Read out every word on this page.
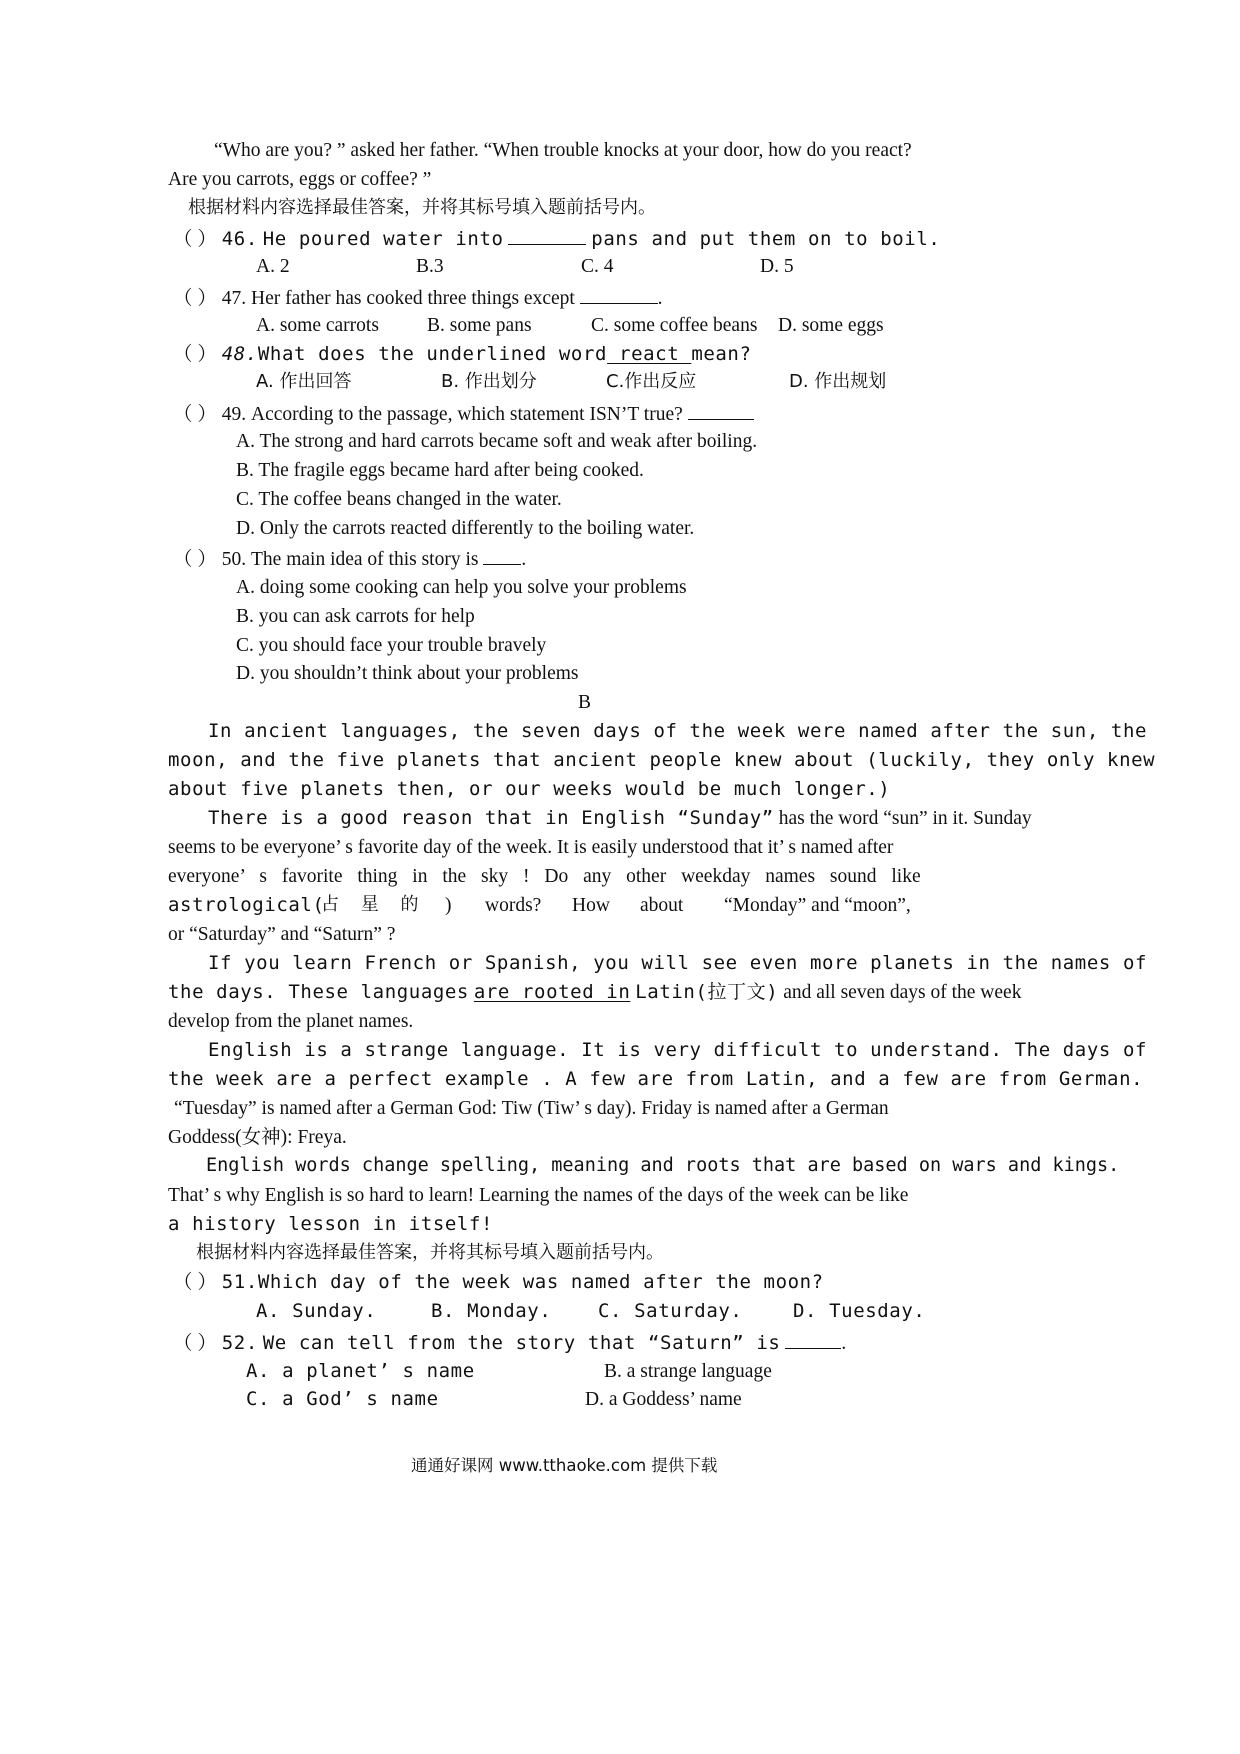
“Who are you? ” asked her father. “When trouble knocks at your door, how do you react?
Are you carrots, eggs or coffee? ”
根据材料内容选择最佳答案，并将其标号填入题前括号内。
（ ） 46. He poured water into	pans and put them on to boil.
A. 2	B.3	C. 4	D. 5
（ ） 47. Her father has cooked three things except	.
A. some carrots B. some pans	C. some coffee beans D. some eggs
（ ） 48.What does the underlined word react mean?
A. 作出回答	B. 作出划分	C.作出反应	D. 作出规划
（ ） 49. According to the passage, which statement ISN’T true?
A. The strong and hard carrots became soft and weak after boiling.
B. The fragile eggs became hard after being cooked.
C. The coffee beans changed in the water.
D. Only the carrots reacted differently to the boiling water.
（ ） 50. The main idea of this story is .
A. doing some cooking can help you solve your problems
B. you can ask carrots for help
C. you should face your trouble bravely
D. you shouldn’t think about your problems
B
In ancient languages, the seven days of the week were named after the sun, the
moon, and the five planets that ancient people knew about (luckily, they only knew
about five planets then, or our weeks would be much longer.)
There is a good reason that in English “Sunday” has the word “sun” in it. Sunday
seems to be everyone’ s favorite day of the week. It is easily understood that it’ s named after
everyone’ s favorite thing in the sky ! Do any other weekday names sound like
astrological(
占 星 的 ) words? How about “Monday” and “moon”,
or “Saturday” and “Saturn” ?
If you learn French or Spanish, you will see even more planets in the names of
the days. These languages are rooted in Latin(拉丁文) and all seven days of the week
develop from the planet names.
English is a strange language. It is very difficult to understand. The days of
the week are a perfect example . A few are from Latin, and a few are from German.
“Tuesday” is named after a German God: Tiw (Tiw’ s day). Friday is named after a German
Goddess(女神): Freya.
English words change spelling, meaning and roots that are based on wars and kings.
That’ s why English is so hard to learn! Learning the names of the days of the week can be like
a history lesson in itself!
根据材料内容选择最佳答案，并将其标号填入题前括号内。
（ ） 51.Which day of the week was named after the moon?
A. Sunday.	B. Monday. C. Saturday.	D. Tuesday.
（ ） 52. We can tell from the story that “Saturn” is	.
A. a planet’ s name	B. a strange language
C. a God’ s name	D. a Goddess’ name
通通好课网 www.tthaoke.com 提供下载
